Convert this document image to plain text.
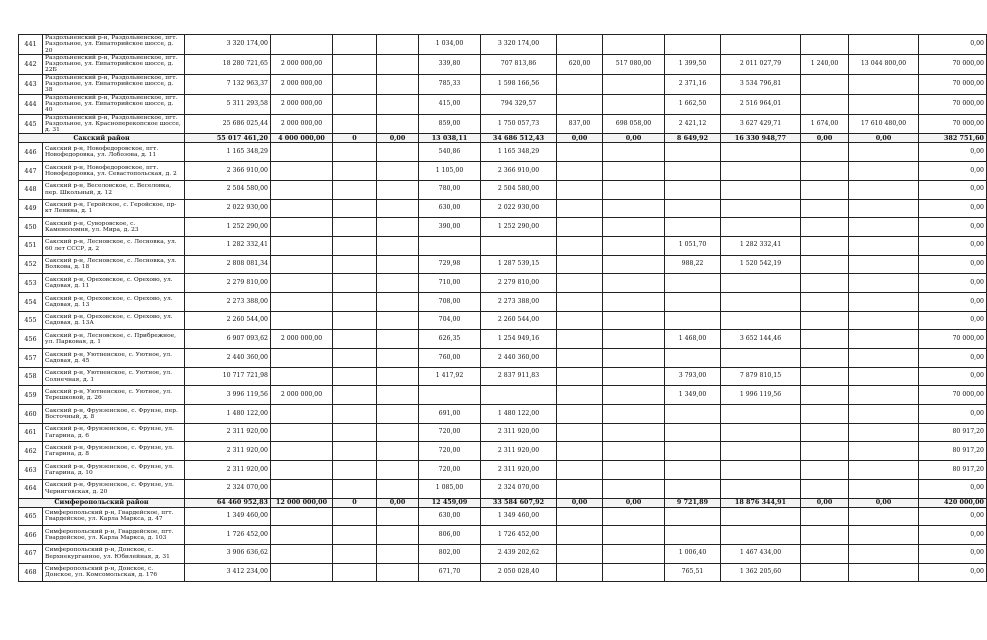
441	Раздольненский р-н, Раздольненское, пгт. Раздольное, ул. Евпаторийское шоссе, д. 20	3 320 174,00				1 034,00	3 320 174,00							0,00
442	Раздольненский р-н, Раздольненское, пгт. Раздольное, ул. Евпаторийское шоссе, д. 22Б	18 280 721,65	2 000 000,00			339,80	707 813,86	620,00	517 080,00	1 399,50	2 011 027,79	1 240,00	13 044 800,00	70 000,00
443	Раздольненский р-н, Раздольненское, пгт. Раздольное, ул. Евпаторийское шоссе, д. 38	7 132 963,37	2 000 000,00			785,33	1 598 166,56			2 371,16	3 534 796,81			70 000,00
444	Раздольненский р-н, Раздольненское, пгт. Раздольное, ул. Евпаторийское шоссе, д. 40	5 311 293,58	2 000 000,00			415,00	794 329,57			1 662,50	2 516 964,01			70 000,00
445	Раздольненский р-н, Раздольненское, пгт. Раздольное, ул. Красноперекопское шоссе, д. 31	25 686 025,44	2 000 000,00			859,00	1 750 057,73	837,00	698 058,00	2 421,12	3 627 429,71	1 674,00	17 610 480,00	70 000,00
Сакский район		55 017 461,20	4 000 000,00	0	0,00	13 038,11	34 686 512,43	0,00	0,00	8 649,92	16 330 948,77	0,00	0,00	382 751,60
446	Сакский р-н, Новофедоровское, пгт. Новофедоровка, ул. Лобозова, д. 11	1 165 348,29				540,86	1 165 348,29							0,00
447	Сакский р-н, Новофедоровское, пгт. Новофедоровка, ул. Севастопольская, д. 2	2 366 910,00				1 105,00	2 366 910,00							0,00
448	Сакский р-н, Веселовское, с. Веселовка, пер. Школьный, д. 12	2 504 580,00				780,00	2 504 580,00							0,00
449	Сакский р-н, Геройское, с. Геройское, пр-кт Ленина, д. 1	2 022 930,00				630,00	2 022 930,00							0,00
450	Сакский р-н, Суворовское, с. Каменоломня, ул. Мира, д. 23	1 252 290,00				390,00	1 252 290,00							0,00
451	Сакский р-н, Лесновское, с. Лесновка, ул. 60 лет СССР, д. 2	1 282 332,41								1 051,70	1 282 332,41			0,00
452	Сакский р-н, Лесновское, с. Лесновка, ул. Волкова, д. 18	2 808 081,34				729,98	1 287 539,15			988,22	1 520 542,19			0,00
453	Сакский р-н, Ореховское, с. Орехово, ул. Садовая, д. 11	2 279 810,00				710,00	2 279 810,00							0,00
454	Сакский р-н, Ореховское, с. Орехово, ул. Садовая, д. 13	2 273 388,00				708,00	2 273 388,00							0,00
455	Сакский р-н, Ореховское, с. Орехово, ул. Садовая, д. 13А	2 260 544,00				704,00	2 260 544,00							0,00
456	Сакский р-н, Лесновское, с. Прибрежное, ул. Парковая, д. 1	6 907 093,62	2 000 000,00			626,35	1 254 949,16			1 468,00	3 652 144,46			70 000,00
457	Сакский р-н, Уютненское, с. Уютное, ул. Садовая, д. 45	2 440 360,00				760,00	2 440 360,00							0,00
458	Сакский р-н, Уютненское, с. Уютное, ул. Солнечная, д. 1	10 717 721,98				1 417,92	2 837 911,83			3 793,00	7 879 810,15			0,00
459	Сакский р-н, Уютненское, с. Уютное, ул. Терешковой, д. 26	3 996 119,56	2 000 000,00							1 349,00	1 996 119,56			70 000,00
460	Сакский р-н, Фрунзенское, с. Фрунзе, пер. Восточный, д. 8	1 480 122,00				691,00	1 480 122,00							0,00
461	Сакский р-н, Фрунзенское, с. Фрунзе, ул. Гагарина, д. 6	2 311 920,00				720,00	2 311 920,00							80 917,20
462	Сакский р-н, Фрунзенское, с. Фрунзе, ул. Гагарина, д. 8	2 311 920,00				720,00	2 311 920,00							80 917,20
463	Сакский р-н, Фрунзенское, с. Фрунзе, ул. Гагарина, д. 10	2 311 920,00				720,00	2 311 920,00							80 917,20
464	Сакский р-н, Фрунзенское, с. Фрунзе, ул. Черниговская, д. 20	2 324 070,00				1 085,00	2 324 070,00							0,00
Симферопольский район		64 460 952,83	12 000 000,00	0	0,00	12 459,09	33 584 607,92	0,00	0,00	9 721,89	18 876 344,91	0,00	0,00	420 000,00
465	Симферопольский р-н, Гвардейское, пгт. Гвардейское, ул. Карла Маркса, д. 47	1 349 460,00				630,00	1 349 460,00							0,00
466	Симферопольский р-н, Гвардейское, пгт. Гвардейское, ул. Карла Маркса, д. 103	1 726 452,00				806,00	1 726 452,00							0,00
467	Симферопольский р-н, Донское, с. Верхнекурганное, ул. Юбилейная, д. 31	3 906 636,62				802,00	2 439 202,62			1 006,40	1 467 434,00			0,00
468	Симферопольский р-н, Донское, с. Донское, ул. Комсомольская, д. 176	3 412 234,00				671,70	2 050 028,40			765,51	1 362 205,60			0,00
